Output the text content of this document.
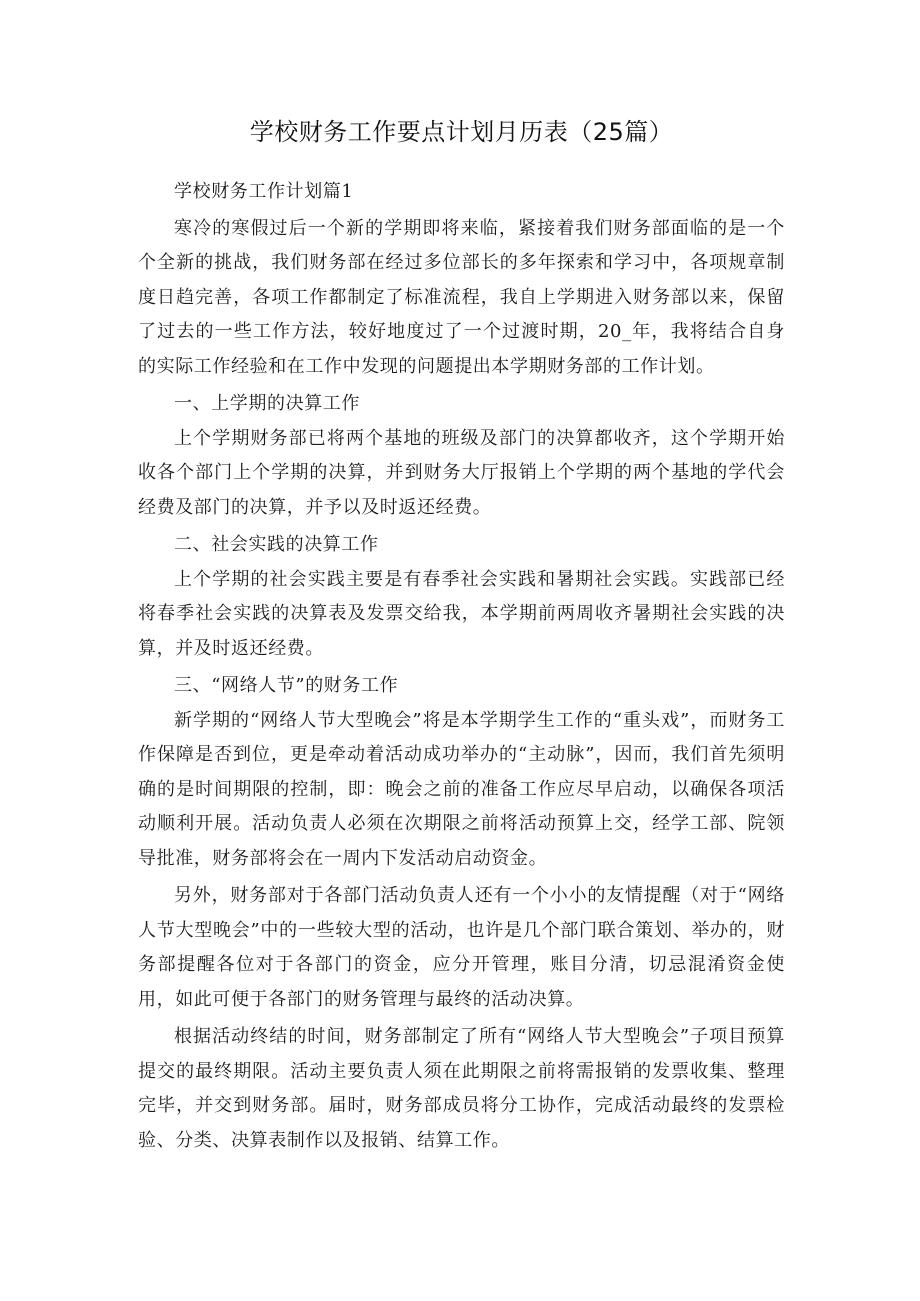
学校财务工作要点计划月历表（25篇）

学校财务工作计划篇1

寒冷的寒假过后一个新的学期即将来临，紧接着我们财务部面临的是一个个全新的挑战，我们财务部在经过多位部长的多年探索和学习中，各项规章制度日趋完善，各项工作都制定了标准流程，我自上学期进入财务部以来，保留了过去的一些工作方法，较好地度过了一个过渡时期，20_年，我将结合自身的实际工作经验和在工作中发现的问题提出本学期财务部的工作计划。

一、上学期的决算工作

上个学期财务部已将两个基地的班级及部门的决算都收齐，这个学期开始收各个部门上个学期的决算，并到财务大厅报销上个学期的两个基地的学代会经费及部门的决算，并予以及时返还经费。

二、社会实践的决算工作

上个学期的社会实践主要是有春季社会实践和暑期社会实践。实践部已经将春季社会实践的决算表及发票交给我，本学期前两周收齐暑期社会实践的决算，并及时返还经费。

三、“网络人节”的财务工作

新学期的“网络人节大型晚会”将是本学期学生工作的“重头戏”，而财务工作保障是否到位，更是牵动着活动成功举办的“主动脉”，因而，我们首先须明确的是时间期限的控制，即：晚会之前的准备工作应尽早启动，以确保各项活动顺利开展。活动负责人必须在次期限之前将活动预算上交，经学工部、院领导批准，财务部将会在一周内下发活动启动资金。

另外，财务部对于各部门活动负责人还有一个小小的友情提醒（对于“网络人节大型晚会”中的一些较大型的活动，也许是几个部门联合策划、举办的，财务部提醒各位对于各部门的资金，应分开管理，账目分清，切忌混淆资金使用，如此可便于各部门的财务管理与最终的活动决算。

根据活动终结的时间，财务部制定了所有“网络人节大型晚会”子项目预算提交的最终期限。活动主要负责人须在此期限之前将需报销的发票收集、整理完毕，并交到财务部。届时，财务部成员将分工协作，完成活动最终的发票检验、分类、决算表制作以及报销、结算工作。
